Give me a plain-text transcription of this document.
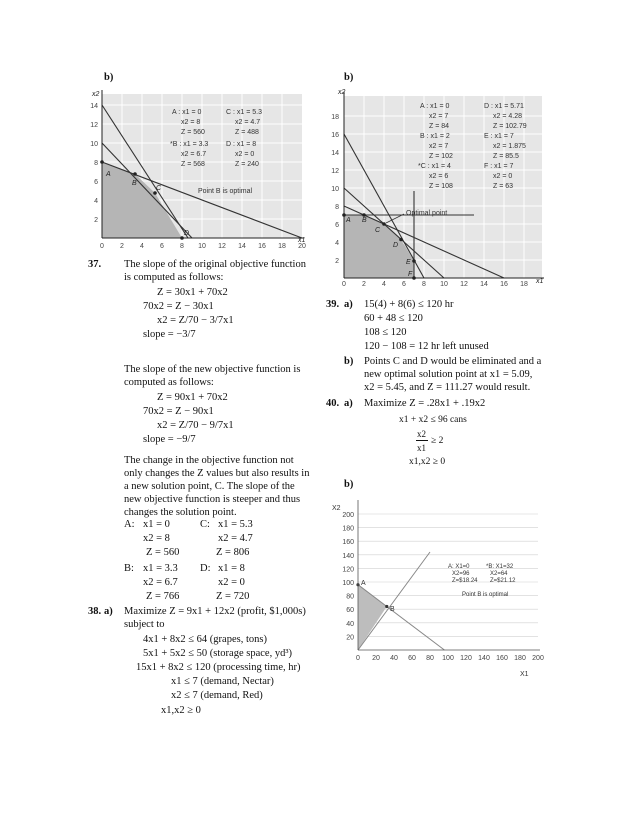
b)
0 2 4 6 8 10 12 14 16 18 20
2
4
6
8
10
12
14
x2
x1
A
B
C
D
A : x1 = 0
x2 = 8
Z = 560
*B : x1 = 3.3
x2 = 6.7
Z = 568
C : x1 = 5.3
x2 = 4.7
Z = 488
D : x1 = 8
x2 = 0
Z = 240
Point B is optimal
37. The slope of the original objective function
is computed as follows:
Z = 30x1 + 70x2
70x2 = Z − 30x1
x2 = Z/70 − 3/7x1
slope = −3/7
The slope of the new objective function is
computed as follows:
Z = 90x1 + 70x2
70x2 = Z − 90x1
x2 = Z/70 − 9/7x1
slope = −9/7
The change in the objective function not
only changes the Z values but also results in
a new solution point, C. The slope of the
new objective function is steeper and thus
changes the solution point.
A: x1 = 0	C: x1 = 5.3
x2 = 8	x2 = 4.7
Z = 560	Z = 806
B: x1 = 3.3 D: x1 = 8
x2 = 6.7	x2 = 0
Z = 766	Z = 720
38. a) Maximize Z = 9x1 + 12x2 (profit, $1,000s)
subject to
4x1 + 8x2 ≤ 64 (grapes, tons)
5x1 + 5x2 ≤ 50 (storage space, yd³)
15x1 + 8x2 ≤ 120 (processing time, hr)
x1 ≤ 7 (demand, Nectar)
x2 ≤ 7 (demand, Red)
x1,x2 ≥ 0
b)
0 2 4 6 8 10 12 14 16 18
2
4
6
8
10
12
14
16
18
x2
x1
A B
C
D
E
F
Optimal point
A : x1 = 0
x2 = 7
Z = 84
B : x1 = 2
x2 = 7
Z = 102
*C : x1 = 4
x2 = 6
Z = 108
D : x1 = 5.71
x2 = 4.28
Z = 102.79
E : x1 = 7
x2 = 1.875
Z = 85.5
F : x1 = 7
x2 = 0
Z = 63
39. a) 15(4) + 8(6) ≤ 120 hr
60 + 48 ≤ 120
108 ≤ 120
120 − 108 = 12 hr left unused
b) Points C and D would be eliminated and a
new optimal solution point at x1 = 5.09,
x2 = 5.45, and Z = 111.27 would result.
40. a) Maximize Z = .28x1 + .19x2
x1 + x2 ≤ 96 cans
x2
x1
≥ 2
x1,x2 ≥ 0
b)
0 20 40 60 80 100 120 140 160 180 200
20
40
60
80
100
120
140
160
180
200
X2
X1
A
B
A: X1=0
X2=96
Z=$18.24
*B: X1=32
X2=64
Z=$21.12
Point B is optimal
